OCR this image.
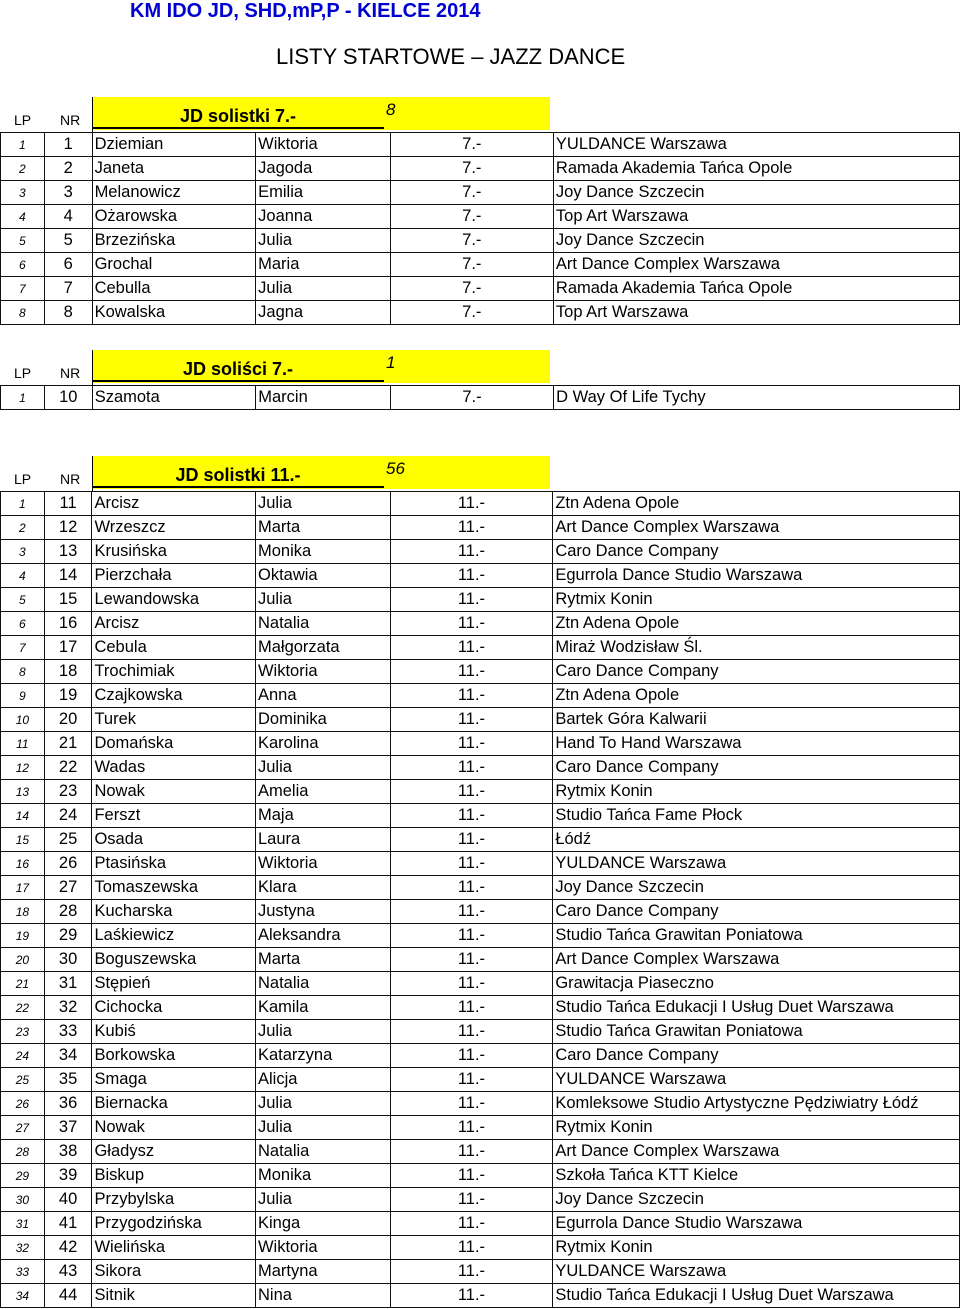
KM IDO JD, SHD,mP,P - KIELCE 2014
LISTY STARTOWE – JAZZ DANCE
LP NR	JD solistki 7.-	8
1	1	Dziemian	Wiktoria	7.-	YULDANCE Warszawa
2	2	Janeta	Jagoda	7.-	Ramada Akademia Tańca Opole
3	3	Melanowicz	Emilia	7.-	Joy Dance Szczecin
4	4	Ożarowska	Joanna	7.-	Top Art Warszawa
5	5	Brzezińska	Julia	7.-	Joy Dance Szczecin
6	6	Grochal	Maria	7.-	Art Dance Complex Warszawa
7	7	Cebulla	Julia	7.-	Ramada Akademia Tańca Opole
8	8	Kowalska	Jagna	7.-	Top Art Warszawa
LP NR	JD soliści 7.-	1
1	10	Szamota	Marcin	7.-	D Way Of Life Tychy
LP NR	JD solistki 11.-	56
1	11	Arcisz	Julia	11.-	Ztn Adena Opole
2	12	Wrzeszcz	Marta	11.-	Art Dance Complex Warszawa
3	13	Krusińska	Monika	11.-	Caro Dance Company
4	14	Pierzchała	Oktawia	11.-	Egurrola Dance Studio Warszawa
5	15	Lewandowska	Julia	11.-	Rytmix Konin
6	16	Arcisz	Natalia	11.-	Ztn Adena Opole
7	17	Cebula	Małgorzata	11.-	Miraż Wodzisław Śl.
8	18	Trochimiak	Wiktoria	11.-	Caro Dance Company
9	19	Czajkowska	Anna	11.-	Ztn Adena Opole
10	20	Turek	Dominika	11.-	Bartek Góra Kalwarii
11	21	Domańska	Karolina	11.-	Hand To Hand Warszawa
12	22	Wadas	Julia	11.-	Caro Dance Company
13	23	Nowak	Amelia	11.-	Rytmix Konin
14	24	Ferszt	Maja	11.-	Studio Tańca Fame Płock
15	25	Osada	Laura	11.-	Łódź
16	26	Ptasińska	Wiktoria	11.-	YULDANCE Warszawa
17	27	Tomaszewska	Klara	11.-	Joy Dance Szczecin
18	28	Kucharska	Justyna	11.-	Caro Dance Company
19	29	Laśkiewicz	Aleksandra	11.-	Studio Tańca Grawitan Poniatowa
20	30	Boguszewska	Marta	11.-	Art Dance Complex Warszawa
21	31	Stępień	Natalia	11.-	Grawitacja Piaseczno
22	32	Cichocka	Kamila	11.-	Studio Tańca Edukacji I Usług Duet Warszawa
23	33	Kubiś	Julia	11.-	Studio Tańca Grawitan Poniatowa
24	34	Borkowska	Katarzyna	11.-	Caro Dance Company
25	35	Smaga	Alicja	11.-	YULDANCE Warszawa
26	36	Biernacka	Julia	11.-	Komleksowe Studio Artystyczne Pędziwiatry Łódź
27	37	Nowak	Julia	11.-	Rytmix Konin
28	38	Gładysz	Natalia	11.-	Art Dance Complex Warszawa
29	39	Biskup	Monika	11.-	Szkoła Tańca KTT Kielce
30	40	Przybylska	Julia	11.-	Joy Dance Szczecin
31	41	Przygodzińska	Kinga	11.-	Egurrola Dance Studio Warszawa
32	42	Wielińska	Wiktoria	11.-	Rytmix Konin
33	43	Sikora	Martyna	11.-	YULDANCE Warszawa
34	44	Sitnik	Nina	11.-	Studio Tańca Edukacji I Usług Duet Warszawa
